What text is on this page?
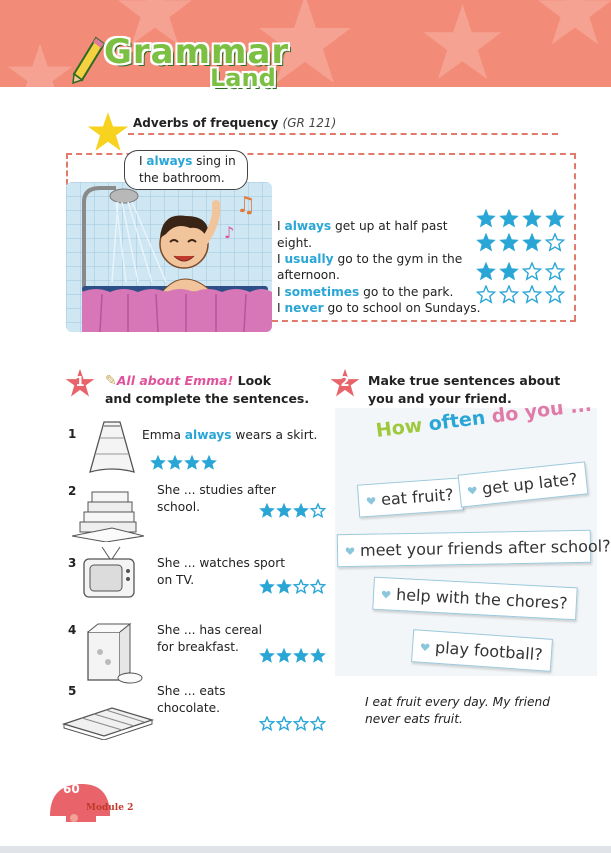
Grammar
Land
Adverbs of frequency (GR 121)
♫
♪
I always sing in
the bathroom.
I always get up at half past
eight.
I usually go to the gym in the
afternoon.
I sometimes go to the park.
I never go to school on Sundays.
1	✎All about Emma! Look
and complete the sentences.
1	Emma always wears a skirt.
2	She ... studies after
school.
3	She ... watches sport
on TV.
4	She ... has cereal
for breakfast.
5	She ... eats
chocolate.
2	Make true sentences about
you and your friend.
How often do you ...
eat fruit?	get up late?
meet your friends after school?
help with the chores?
play football?
I eat fruit every day. My friend
never eats fruit.
60
Module 2
